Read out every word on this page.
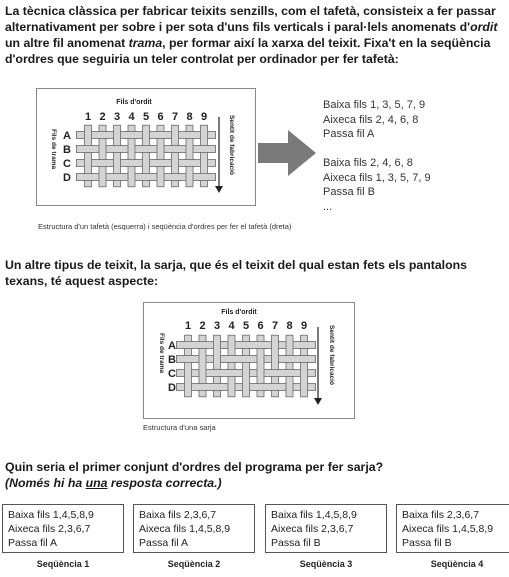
La tècnica clàssica per fabricar teixits senzills, com el tafetà, consisteix a fer passar alternativament per sobre i per sota d'uns fils verticals i paral·lels anomenats d'ordit un altre fil anomenat trama, per formar així la xarxa del teixit. Fixa't en la seqüència d'ordres que seguiria un teler controlat per ordinador per fer tafetà:
Fils d'ordit
1 2 3 4 5 6 7 8 9
A
B
C
D
Fils de trama	Sentit de fabricació
Estructura d'un tafetà (esquerra) i seqüència d'ordres per fer el tafetà (dreta)
Baixa fils 1, 3, 5, 7, 9
Aixeca fils 2, 4, 6, 8
Passa fil A
Baixa fils 2, 4, 6, 8
Aixeca fils 1, 3, 5, 7, 9
Passa fil B
...
Un altre tipus de teixit, la sarja, que és el teixit del qual estan fets els pantalons texans, té aquest aspecte:
Fils d'ordit
1 2 3 4 5 6 7 8 9
A
B
C
D
Fils de trama	Sentit de fabricació
Estructura d'una sarja
Quin seria el primer conjunt d'ordres del programa per fer sarja?
(Només hi ha una resposta correcta.)
Baixa fils 1,4,5,8,9
Aixeca fils 2,3,6,7
Passa fil A
Seqüència 1
Baixa fils 2,3,6,7
Aixeca fils 1,4,5,8,9
Passa fil A
Seqüència 2
Baixa fils 1,4,5,8,9
Aixeca fils 2,3,6,7
Passa fil B
Seqüència 3
Baixa fils 2,3,6,7
Aixeca fils 1,4,5,8,9
Passa fil B
Seqüència 4
